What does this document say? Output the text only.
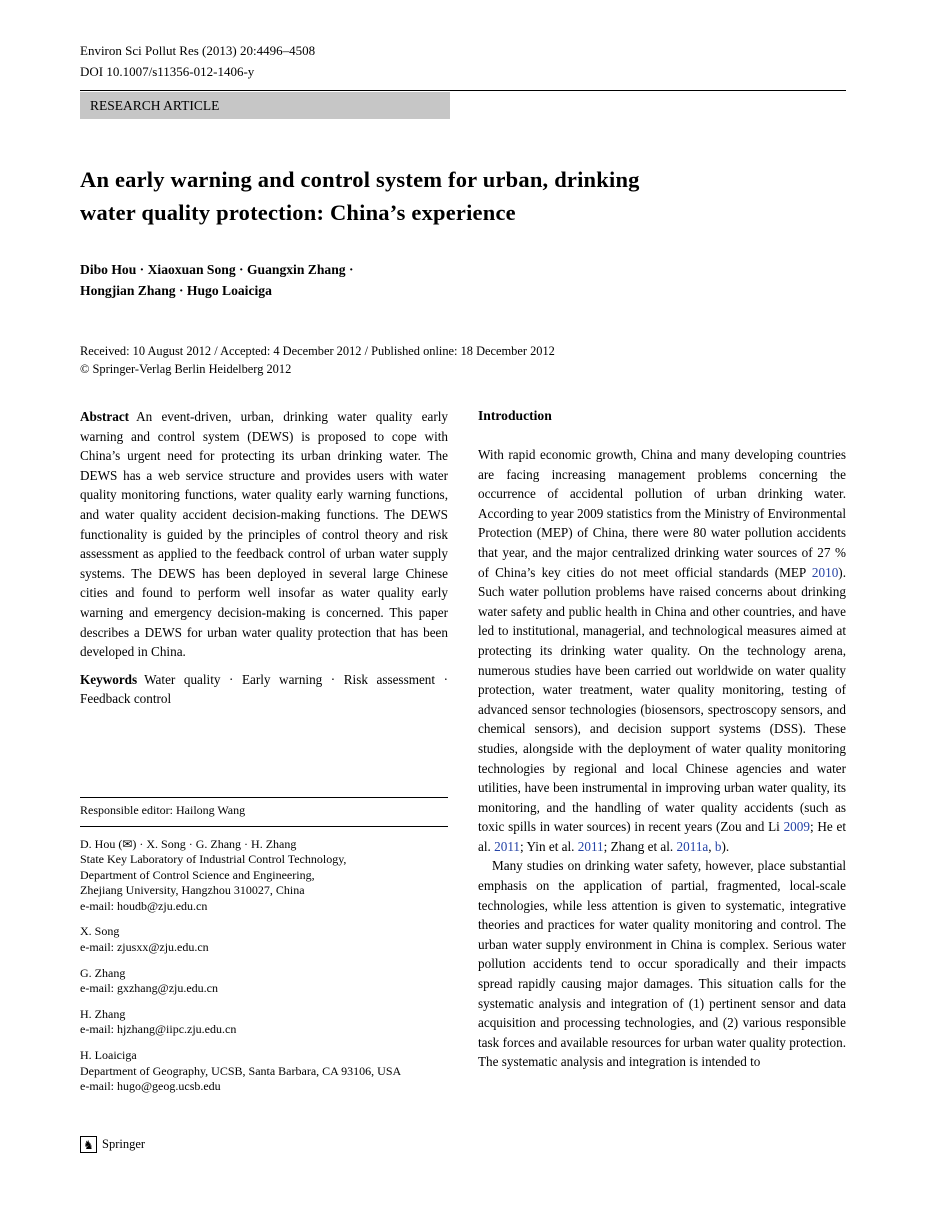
Environ Sci Pollut Res (2013) 20:4496–4508
DOI 10.1007/s11356-012-1406-y
RESEARCH ARTICLE
An early warning and control system for urban, drinking
water quality protection: China’s experience
Dibo Hou · Xiaoxuan Song · Guangxin Zhang ·
Hongjian Zhang · Hugo Loaiciga
Received: 10 August 2012 / Accepted: 4 December 2012 / Published online: 18 December 2012
© Springer-Verlag Berlin Heidelberg 2012

Abstract An event-driven, urban, drinking water quality early warning and control system (DEWS) is proposed to cope with China’s urgent need for protecting its urban drinking water. The DEWS has a web service structure and provides users with water quality monitoring functions, water quality early warning functions, and water quality accident decision-making functions. The DEWS functionality is guided by the principles of control theory and risk assessment as applied to the feedback control of urban water supply systems. The DEWS has been deployed in several large Chinese cities and found to perform well insofar as water quality early warning and emergency decision-making is concerned. This paper describes a DEWS for urban water quality protection that has been developed in China.

Keywords Water quality · Early warning · Risk assessment · Feedback control

Responsible editor: Hailong Wang
D. Hou (✉) · X. Song · G. Zhang · H. Zhang
State Key Laboratory of Industrial Control Technology,
Department of Control Science and Engineering,
Zhejiang University, Hangzhou 310027, China
e-mail: houdb@zju.edu.cn
X. Song
e-mail: zjusxx@zju.edu.cn
G. Zhang
e-mail: gxzhang@zju.edu.cn
H. Zhang
e-mail: hjzhang@iipc.zju.edu.cn
H. Loaiciga
Department of Geography, UCSB, Santa Barbara, CA 93106, USA
e-mail: hugo@geog.ucsb.edu
Introduction

With rapid economic growth, China and many developing countries are facing increasing management problems concerning the occurrence of accidental pollution of urban drinking water. According to year 2009 statistics from the Ministry of Environmental Protection (MEP) of China, there were 80 water pollution accidents that year, and the major centralized drinking water sources of 27 % of China’s key cities do not meet official standards (MEP 2010). Such water pollution problems have raised concerns about drinking water safety and public health in China and other countries, and have led to institutional, managerial, and technological measures aimed at protecting its drinking water quality. On the technology arena, numerous studies have been carried out worldwide on water quality protection, water treatment, water quality monitoring, testing of advanced sensor technologies (biosensors, spectroscopy sensors, and chemical sensors), and decision support systems (DSS). These studies, alongside with the deployment of water quality monitoring technologies by regional and local Chinese agencies and water utilities, have been instrumental in improving urban water quality, its monitoring, and the handling of water quality accidents (such as toxic spills in water sources) in recent years (Zou and Li 2009; He et al. 2011; Yin et al. 2011; Zhang et al. 2011a, b).

Many studies on drinking water safety, however, place substantial emphasis on the application of partial, fragmented, local-scale technologies, while less attention is given to systematic, integrative theories and practices for water quality monitoring and control. The urban water supply environment in China is complex. Serious water pollution accidents tend to occur sporadically and their impacts spread rapidly causing major damages. This situation calls for the systematic analysis and integration of (1) pertinent sensor and data acquisition and processing technologies, and (2) various responsible task forces and available resources for urban water quality protection. The systematic analysis and integration is intended to

♞ Springer
